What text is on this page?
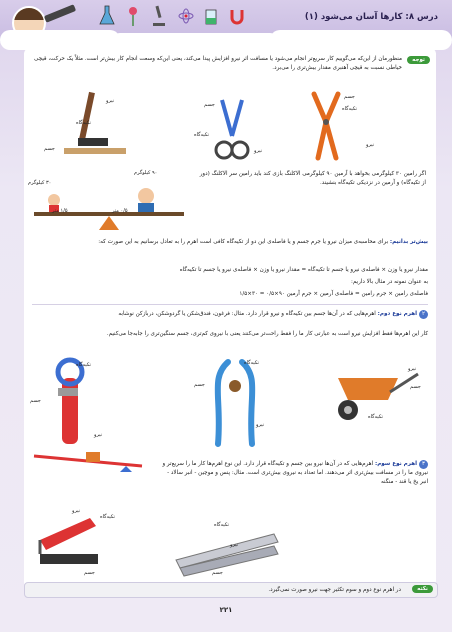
درس ۸: کارها آسان می‌شود (۱)
توجه
منظورمان از این‌که می‌گوییم کار سریع‌تر انجام می‌شود یا مسافت اثر نیرو افزایش پیدا می‌کند، یعنی این‌که وسعت انجام کار بیش‌تر است. مثلاً یک حرکت، قیچی خیاطی نسبت به قیچی آهنبری مقدار بیش‌تری را می‌برد.
جسم
تکیه‌گاه
نیرو
جسم
تکیه‌گاه
نیرو
نیرو
جسم
تکیه‌گاه
اگر رامین ۳۰ کیلوگرمی بخواهد با آرمین ۹۰ کیلوگرمی الاکلنگ بازی کند باید رامین سر الاکلنگ (دور از تکیه‌گاه) و آرمین در نزدیکی تکیه‌گاه بنشیند.
۹۰ کیلوگرم
۳۰ کیلوگرم
۰/۵ متر
۱/۵ متر
بیش‌تر بدانیم: برای محاسبه‌ی میزان نیرو یا جرم جسم و یا فاصله‌ی این دو از تکیه‌گاه کافی است اهرم را به تعادل برسانیم به این صورت که:
مقدار نیرو یا وزن × فاصله‌ی نیرو یا جسم تا تکیه‌گاه = مقدار نیرو یا وزن × فاصله‌ی نیرو یا جسم تا تکیه‌گاه
به عنوان نمونه در مثال بالا داریم:
فاصله‌ی رامین × جرم رامین = فاصله‌ی آرمین × جرم آرمین ۹۰×۰/۵ = ۳۰×۱/۵
۲اهرم نوع دوم: اهرم‌هایی که در آن‌ها جسم بین تکیه‌گاه و نیرو قرار دارد. مثال: فرغون، فندق‌شکن یا گردوشکن، دربازکن نوشابه
کار این اهرم‌ها فقط افزایش نیرو است به عبارتی کار ما را فقط راحت‌تر می‌کنند یعنی با نیروی کم‌تری، جسم سنگین‌تری را جابه‌جا می‌کنیم.
تکیه‌گاه
جسم
نیرو
تکیه‌گاه
جسم
نیرو
نیرو
جسم
تکیه‌گاه
۳اهرم نوع سوم: اهرم‌هایی که در آن‌ها نیرو بین جسم و تکیه‌گاه قرار دارد. این نوع اهرم‌ها کار ما را سریع‌تر و نیروی ما را در مسافت بیش‌تری اثر می‌دهند. اما تعداد به نیروی بیش‌تری است. مثال: پنس و موچین - انبر سالاد - انبر یخ یا قند - منگنه
نیرو
تکیه‌گاه
جسم
تکیه‌گاه
نیرو
جسم
نکته
در اهرم نوع دوم و سوم تکثیر جهت نیرو صورت نمی‌گیرد.
۲۲۱
